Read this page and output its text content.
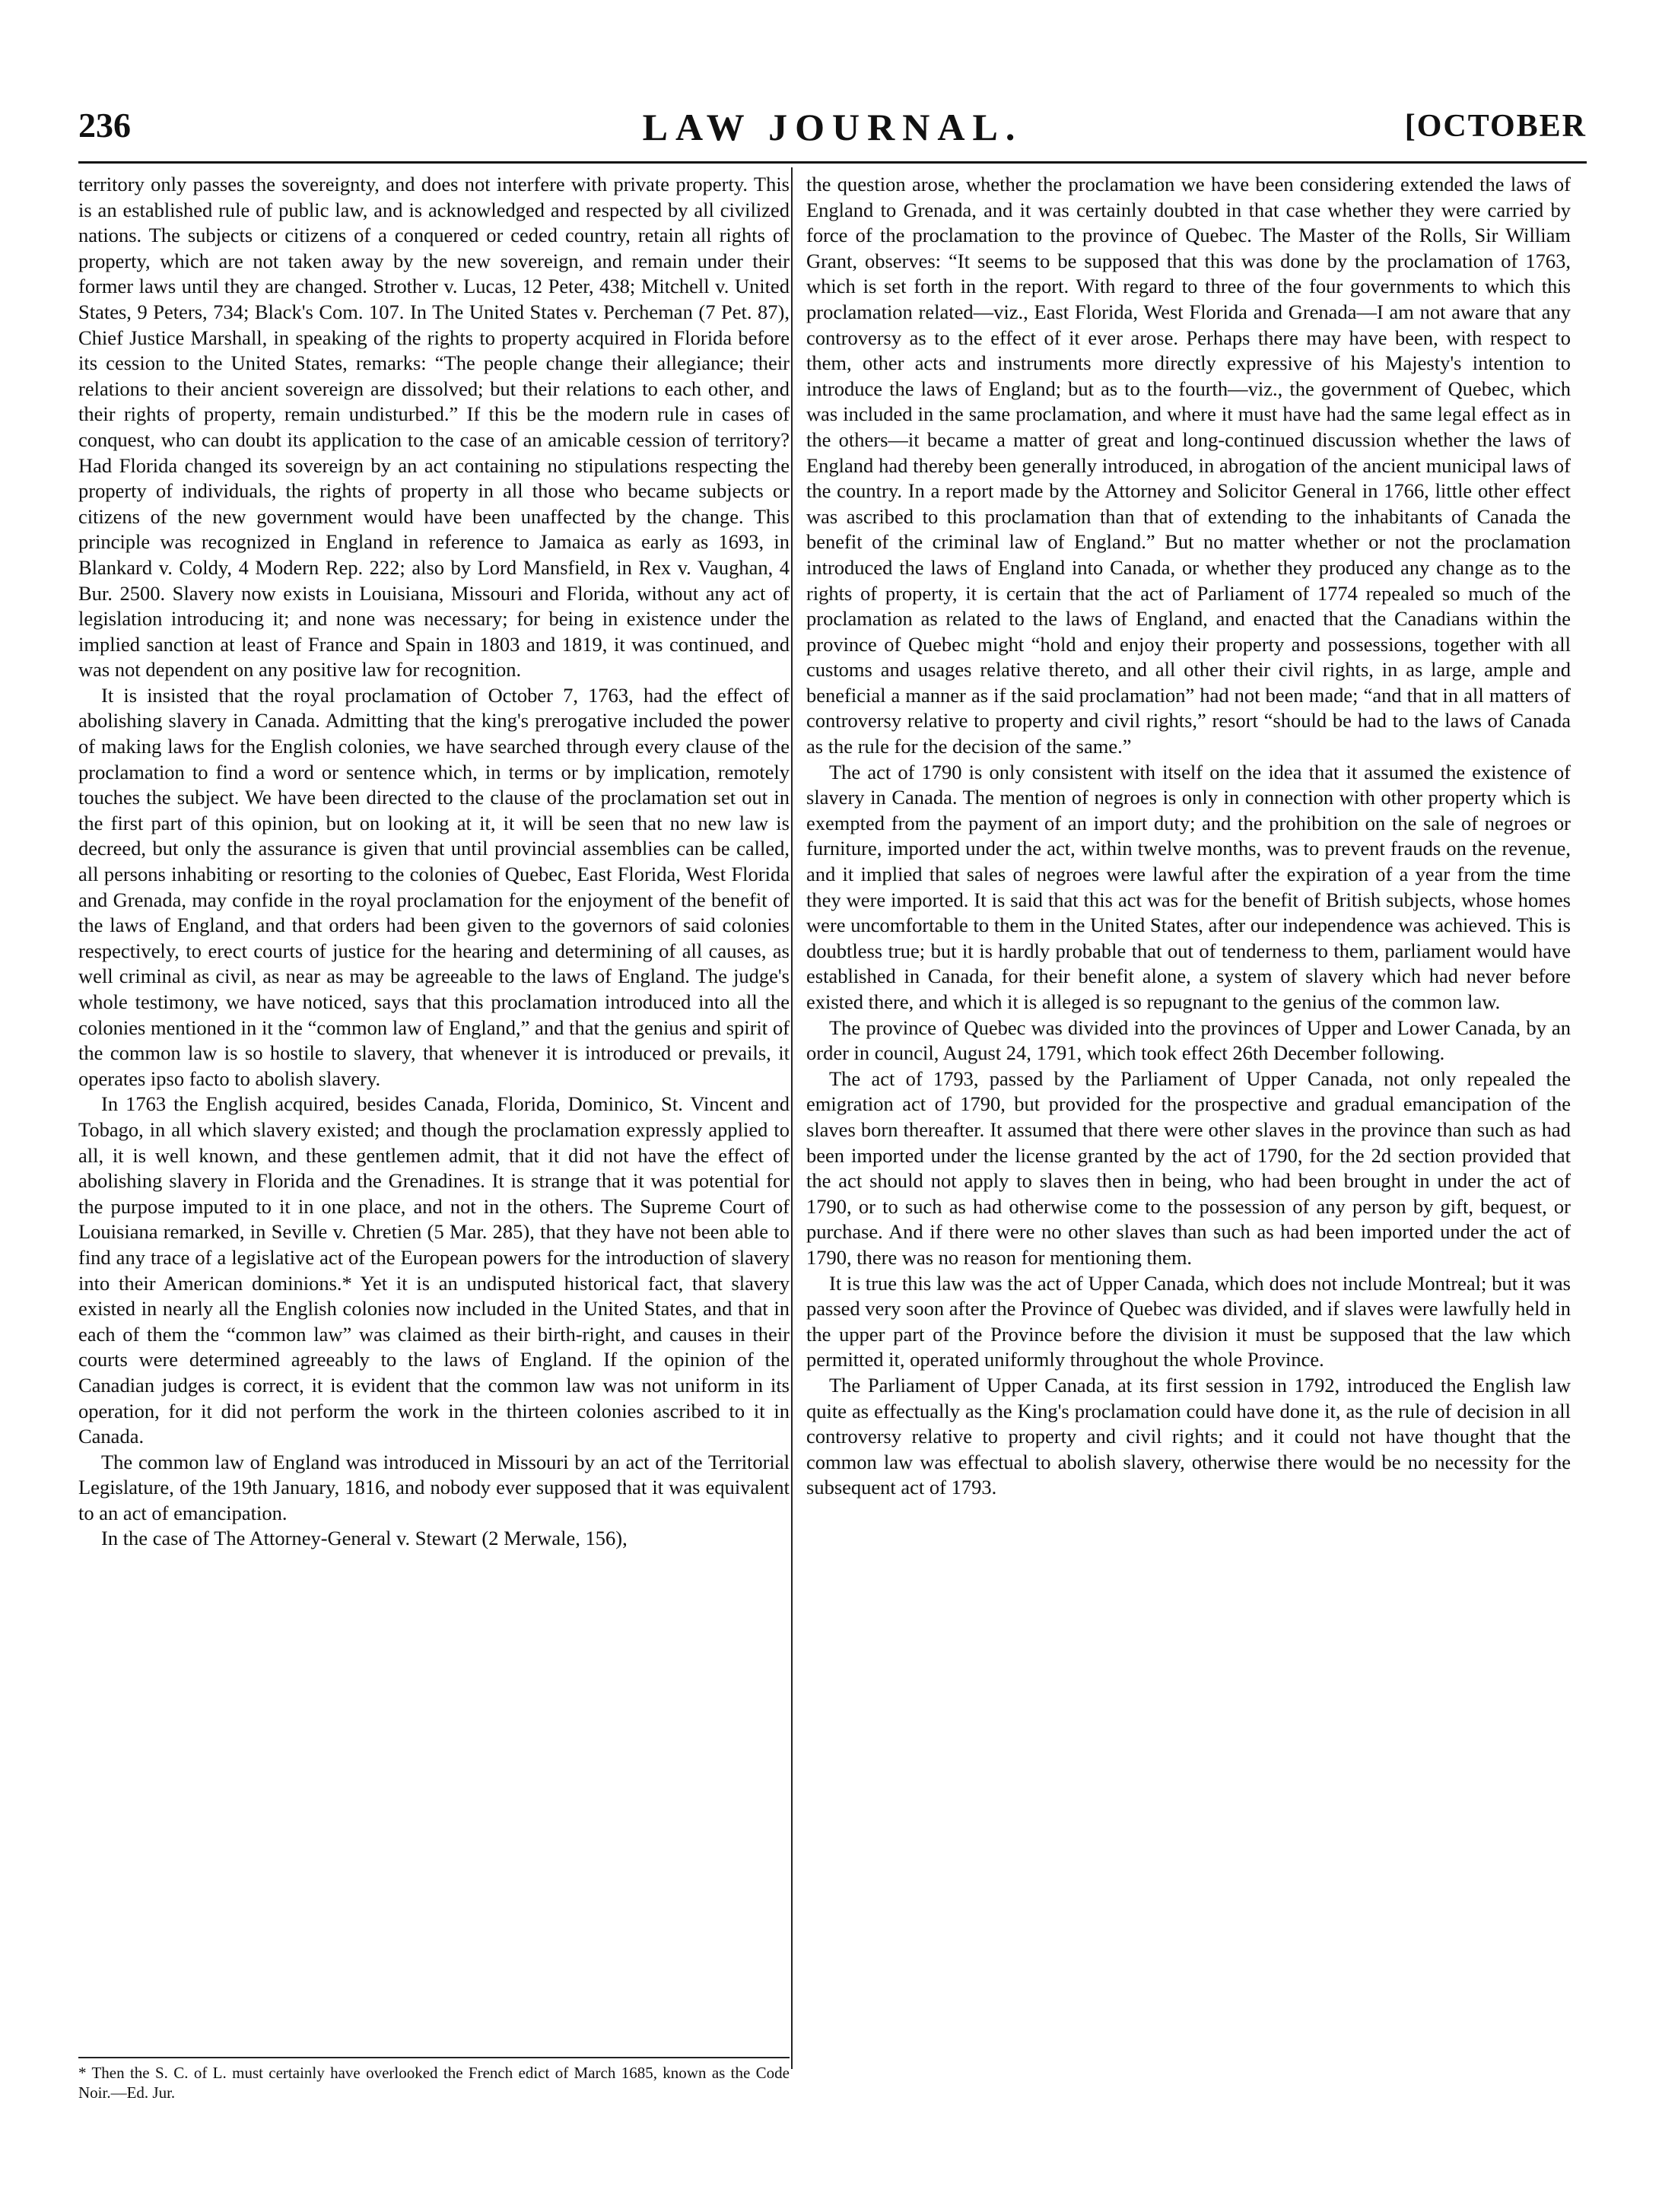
236	LAW JOURNAL.	[OCTOBER

territory only passes the sovereignty, and does not interfere with private property. This is an established rule of public law, and is acknowledged and respected by all civilized nations. The subjects or citizens of a conquered or ceded country, retain all rights of property, which are not taken away by the new sovereign, and remain under their former laws until they are changed. Strother v. Lucas, 12 Peter, 438; Mitchell v. United States, 9 Peters, 734; Black's Com. 107. In The United States v. Percheman (7 Pet. 87), Chief Justice Marshall, in speaking of the rights to property acquired in Florida before its cession to the United States, remarks: “The people change their allegiance; their relations to their ancient sovereign are dissolved; but their relations to each other, and their rights of property, remain undisturbed.” If this be the modern rule in cases of conquest, who can doubt its application to the case of an amicable cession of territory? Had Florida changed its sovereign by an act containing no stipulations respecting the property of individuals, the rights of property in all those who became subjects or citizens of the new government would have been unaffected by the change. This principle was recognized in England in reference to Jamaica as early as 1693, in Blankard v. Coldy, 4 Modern Rep. 222; also by Lord Mansfield, in Rex v. Vaughan, 4 Bur. 2500. Slavery now exists in Louisiana, Missouri and Florida, without any act of legislation introducing it; and none was necessary; for being in existence under the implied sanction at least of France and Spain in 1803 and 1819, it was continued, and was not dependent on any positive law for recognition.

It is insisted that the royal proclamation of October 7, 1763, had the effect of abolishing slavery in Canada. Admitting that the king's prerogative included the power of making laws for the English colonies, we have searched through every clause of the proclamation to find a word or sentence which, in terms or by implication, remotely touches the subject. We have been directed to the clause of the proclamation set out in the first part of this opinion, but on looking at it, it will be seen that no new law is decreed, but only the assurance is given that until provincial assemblies can be called, all persons inhabiting or resorting to the colonies of Quebec, East Florida, West Florida and Grenada, may confide in the royal proclamation for the enjoyment of the benefit of the laws of England, and that orders had been given to the governors of said colonies respectively, to erect courts of justice for the hearing and determining of all causes, as well criminal as civil, as near as may be agreeable to the laws of England. The judge's whole testimony, we have noticed, says that this proclamation introduced into all the colonies mentioned in it the “common law of England,” and that the genius and spirit of the common law is so hostile to slavery, that whenever it is introduced or prevails, it operates ipso facto to abolish slavery.

In 1763 the English acquired, besides Canada, Florida, Dominico, St. Vincent and Tobago, in all which slavery existed; and though the proclamation expressly applied to all, it is well known, and these gentlemen admit, that it did not have the effect of abolishing slavery in Florida and the Grenadines. It is strange that it was potential for the purpose imputed to it in one place, and not in the others. The Supreme Court of Louisiana remarked, in Seville v. Chretien (5 Mar. 285), that they have not been able to find any trace of a legislative act of the European powers for the introduction of slavery into their American dominions.* Yet it is an undisputed historical fact, that slavery existed in nearly all the English colonies now included in the United States, and that in each of them the “common law” was claimed as their birth-right, and causes in their courts were determined agreeably to the laws of England. If the opinion of the Canadian judges is correct, it is evident that the common law was not uniform in its operation, for it did not perform the work in the thirteen colonies ascribed to it in Canada.

The common law of England was introduced in Missouri by an act of the Territorial Legislature, of the 19th January, 1816, and nobody ever supposed that it was equivalent to an act of emancipation.

In the case of The Attorney-General v. Stewart (2 Merwale, 156),

the question arose, whether the proclamation we have been considering extended the laws of England to Grenada, and it was certainly doubted in that case whether they were carried by force of the proclamation to the province of Quebec. The Master of the Rolls, Sir William Grant, observes: “It seems to be supposed that this was done by the proclamation of 1763, which is set forth in the report. With regard to three of the four governments to which this proclamation related—viz., East Florida, West Florida and Grenada—I am not aware that any controversy as to the effect of it ever arose. Perhaps there may have been, with respect to them, other acts and instruments more directly expressive of his Majesty's intention to introduce the laws of England; but as to the fourth—viz., the government of Quebec, which was included in the same proclamation, and where it must have had the same legal effect as in the others—it became a matter of great and long-continued discussion whether the laws of England had thereby been generally introduced, in abrogation of the ancient municipal laws of the country. In a report made by the Attorney and Solicitor General in 1766, little other effect was ascribed to this proclamation than that of extending to the inhabitants of Canada the benefit of the criminal law of England.” But no matter whether or not the proclamation introduced the laws of England into Canada, or whether they produced any change as to the rights of property, it is certain that the act of Parliament of 1774 repealed so much of the proclamation as related to the laws of England, and enacted that the Canadians within the province of Quebec might “hold and enjoy their property and possessions, together with all customs and usages relative thereto, and all other their civil rights, in as large, ample and beneficial a manner as if the said proclamation” had not been made; “and that in all matters of controversy relative to property and civil rights,” resort “should be had to the laws of Canada as the rule for the decision of the same.”

The act of 1790 is only consistent with itself on the idea that it assumed the existence of slavery in Canada. The mention of negroes is only in connection with other property which is exempted from the payment of an import duty; and the prohibition on the sale of negroes or furniture, imported under the act, within twelve months, was to prevent frauds on the revenue, and it implied that sales of negroes were lawful after the expiration of a year from the time they were imported. It is said that this act was for the benefit of British subjects, whose homes were uncomfortable to them in the United States, after our independence was achieved. This is doubtless true; but it is hardly probable that out of tenderness to them, parliament would have established in Canada, for their benefit alone, a system of slavery which had never before existed there, and which it is alleged is so repugnant to the genius of the common law.

The province of Quebec was divided into the provinces of Upper and Lower Canada, by an order in council, August 24, 1791, which took effect 26th December following.

The act of 1793, passed by the Parliament of Upper Canada, not only repealed the emigration act of 1790, but provided for the prospective and gradual emancipation of the slaves born thereafter. It assumed that there were other slaves in the province than such as had been imported under the license granted by the act of 1790, for the 2d section provided that the act should not apply to slaves then in being, who had been brought in under the act of 1790, or to such as had otherwise come to the possession of any person by gift, bequest, or purchase. And if there were no other slaves than such as had been imported under the act of 1790, there was no reason for mentioning them.

It is true this law was the act of Upper Canada, which does not include Montreal; but it was passed very soon after the Province of Quebec was divided, and if slaves were lawfully held in the upper part of the Province before the division it must be supposed that the law which permitted it, operated uniformly throughout the whole Province.

The Parliament of Upper Canada, at its first session in 1792, introduced the English law quite as effectually as the King's proclamation could have done it, as the rule of decision in all controversy relative to property and civil rights; and it could not have thought that the common law was effectual to abolish slavery, otherwise there would be no necessity for the subsequent act of 1793.

* Then the S. C. of L. must certainly have overlooked the French edict of March 1685, known as the Code Noir.—Ed. Jur.
